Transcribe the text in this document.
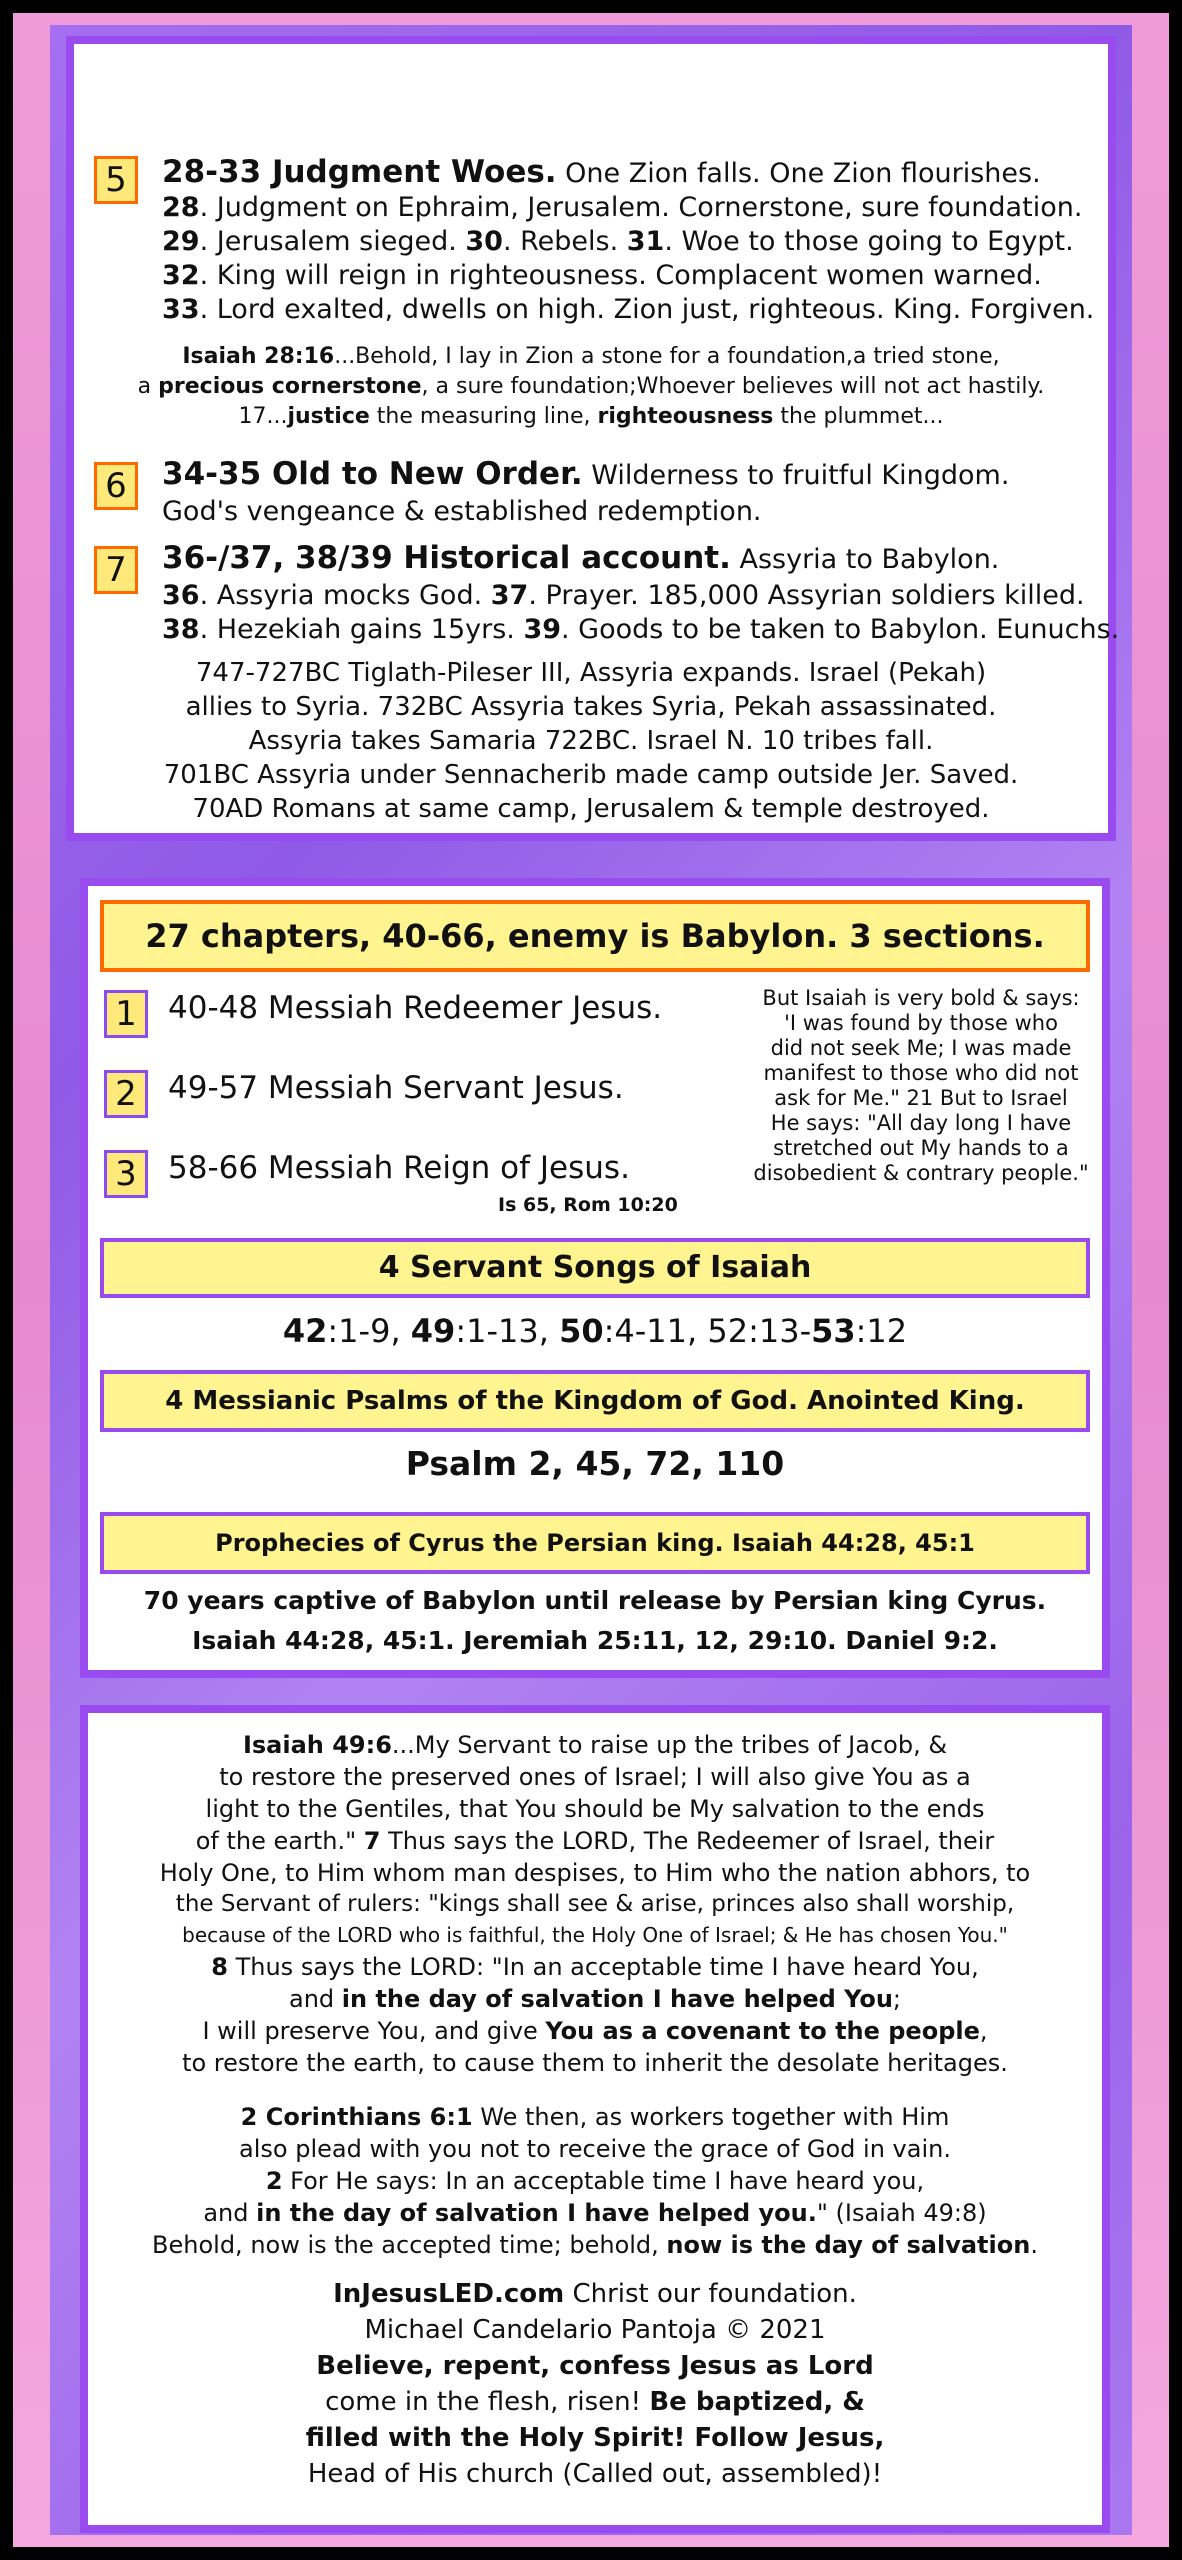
5	28-33 Judgment Woes. One Zion falls. One Zion flourishes.
28. Judgment on Ephraim, Jerusalem. Cornerstone, sure foundation.
29. Jerusalem sieged. 30. Rebels. 31. Woe to those going to Egypt.
32. King will reign in righteousness. Complacent women warned.
33. Lord exalted, dwells on high. Zion just, righteous. King. Forgiven.
Isaiah 28:16...Behold, I lay in Zion a stone for a foundation,a tried stone,
a precious cornerstone, a sure foundation;Whoever believes will not act hastily.
17...justice the measuring line, righteousness the plummet...
6	34-35 Old to New Order. Wilderness to fruitful Kingdom.
God's vengeance & established redemption.
7	36-/37, 38/39 Historical account. Assyria to Babylon.
36. Assyria mocks God. 37. Prayer. 185,000 Assyrian soldiers killed.
38. Hezekiah gains 15yrs. 39. Goods to be taken to Babylon. Eunuchs.
747-727BC Tiglath-Pileser III, Assyria expands. Israel (Pekah)
allies to Syria. 732BC Assyria takes Syria, Pekah assassinated.
Assyria takes Samaria 722BC. Israel N. 10 tribes fall.
701BC Assyria under Sennacherib made camp outside Jer. Saved.
70AD Romans at same camp, Jerusalem & temple destroyed.
27 chapters, 40-66, enemy is Babylon. 3 sections.
1	40-48 Messiah Redeemer Jesus.
2	49-57 Messiah Servant Jesus.
3	58-66 Messiah Reign of Jesus.
Is 65, Rom 10:20
But Isaiah is very bold & says:
'I was found by those who
did not seek Me; I was made
manifest to those who did not
ask for Me." 21 But to Israel
He says: "All day long I have
stretched out My hands to a
disobedient & contrary people."
4 Servant Songs of Isaiah
42:1-9, 49:1-13, 50:4-11, 52:13-53:12
4 Messianic Psalms of the Kingdom of God. Anointed King.
Psalm 2, 45, 72, 110
Prophecies of Cyrus the Persian king. Isaiah 44:28, 45:1
70 years captive of Babylon until release by Persian king Cyrus.
Isaiah 44:28, 45:1. Jeremiah 25:11, 12, 29:10. Daniel 9:2.
Isaiah 49:6...My Servant to raise up the tribes of Jacob, &
to restore the preserved ones of Israel; I will also give You as a
light to the Gentiles, that You should be My salvation to the ends
of the earth." 7 Thus says the LORD, The Redeemer of Israel, their
Holy One, to Him whom man despises, to Him who the nation abhors, to
the Servant of rulers: "kings shall see & arise, princes also shall worship,
because of the LORD who is faithful, the Holy One of Israel; & He has chosen You."
8 Thus says the LORD: "In an acceptable time I have heard You,
and in the day of salvation I have helped You;
I will preserve You, and give You as a covenant to the people,
to restore the earth, to cause them to inherit the desolate heritages.
2 Corinthians 6:1 We then, as workers together with Him
also plead with you not to receive the grace of God in vain.
2 For He says: In an acceptable time I have heard you,
and in the day of salvation I have helped you." (Isaiah 49:8)
Behold, now is the accepted time; behold, now is the day of salvation.
InJesusLED.com Christ our foundation.
Michael Candelario Pantoja © 2021
Believe, repent, confess Jesus as Lord
come in the flesh, risen! Be baptized, &
filled with the Holy Spirit! Follow Jesus,
Head of His church (Called out, assembled)!
